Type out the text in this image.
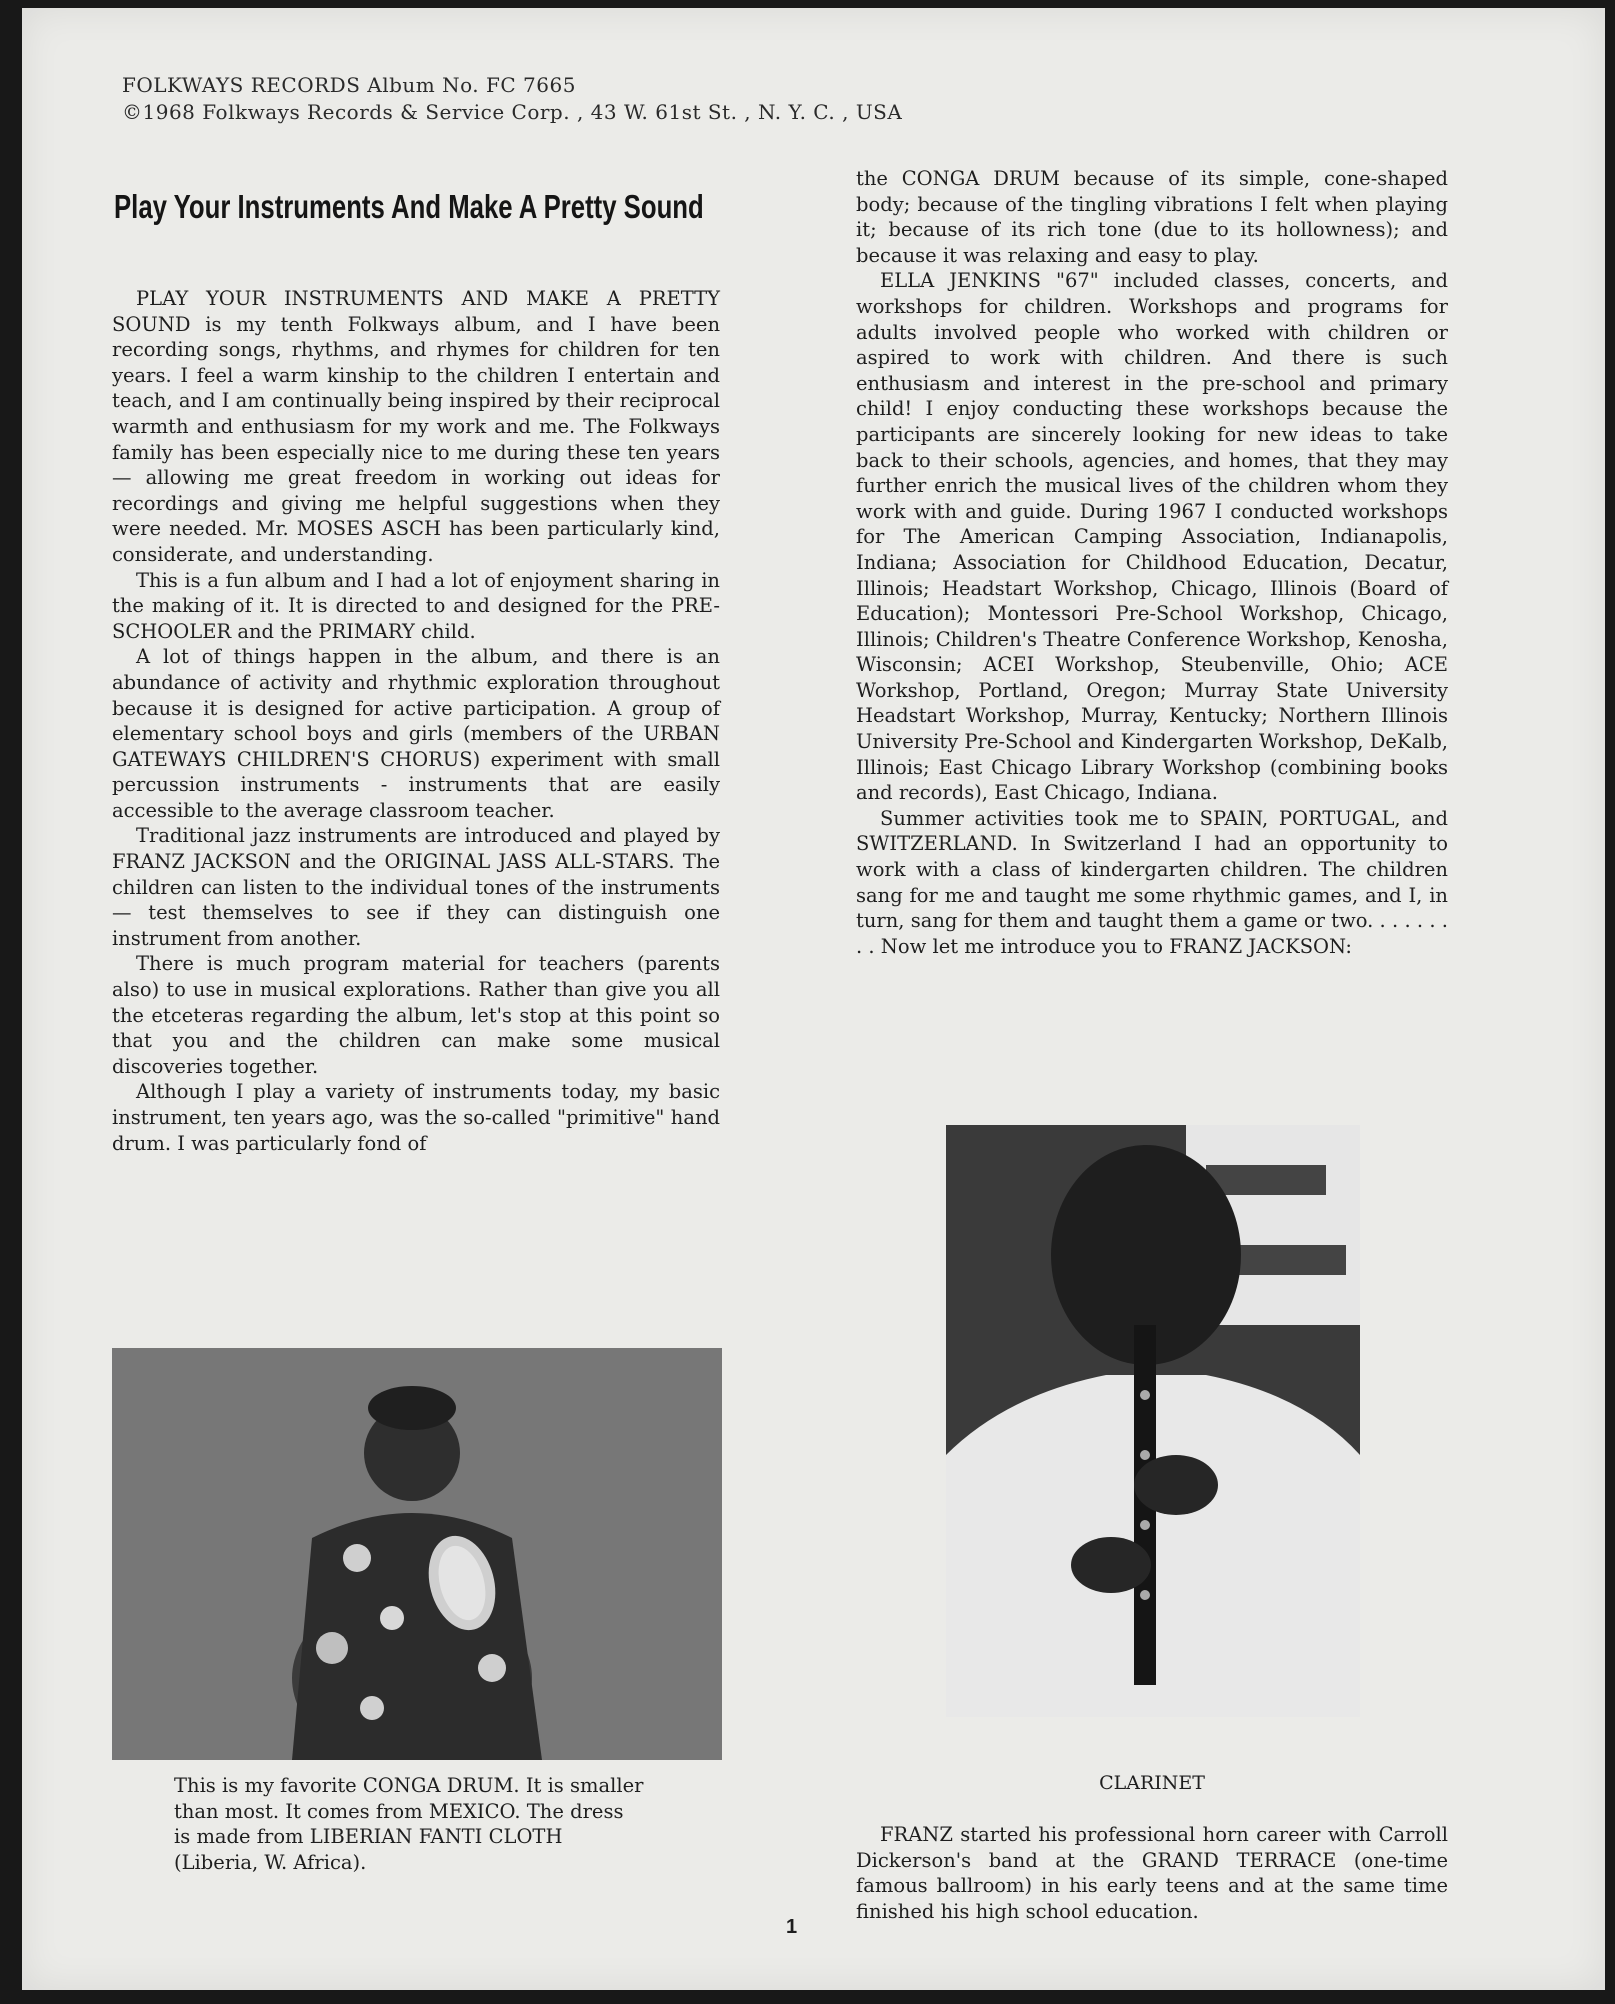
FOLKWAYS RECORDS Album No. FC 7665
©1968 Folkways Records & Service Corp. , 43 W. 61st St. , N. Y. C. , USA
Play Your Instruments And Make A Pretty Sound

PLAY YOUR INSTRUMENTS AND MAKE A PRETTY SOUND is my tenth Folkways album, and I have been recording songs, rhythms, and rhymes for children for ten years. I feel a warm kinship to the children I entertain and teach, and I am continually being inspired by their reciprocal warmth and enthusiasm for my work and me. The Folkways family has been especially nice to me during these ten years — allowing me great freedom in working out ideas for recordings and giving me helpful suggestions when they were needed. Mr. MOSES ASCH has been particularly kind, considerate, and understanding.

This is a fun album and I had a lot of enjoyment sharing in the making of it. It is directed to and designed for the PRE-SCHOOLER and the PRIMARY child.

A lot of things happen in the album, and there is an abundance of activity and rhythmic exploration throughout because it is designed for active participation. A group of elementary school boys and girls (members of the URBAN GATEWAYS CHILDREN'S CHORUS) experiment with small percussion instruments - instruments that are easily accessible to the average classroom teacher.

Traditional jazz instruments are introduced and played by FRANZ JACKSON and the ORIGINAL JASS ALL-STARS. The children can listen to the individual tones of the instruments — test themselves to see if they can distinguish one instrument from another.

There is much program material for teachers (parents also) to use in musical explorations. Rather than give you all the etceteras regarding the album, let's stop at this point so that you and the children can make some musical discoveries together.

Although I play a variety of instruments today, my basic instrument, ten years ago, was the so-called "primitive" hand drum. I was particularly fond of

This is my favorite CONGA DRUM. It is smaller than most. It comes from MEXICO. The dress is made from LIBERIAN FANTI CLOTH (Liberia, W. Africa).

the CONGA DRUM because of its simple, cone-shaped body; because of the tingling vibrations I felt when playing it; because of its rich tone (due to its hollowness); and because it was relaxing and easy to play.

ELLA JENKINS "67" included classes, concerts, and workshops for children. Workshops and programs for adults involved people who worked with children or aspired to work with children. And there is such enthusiasm and interest in the pre-school and primary child! I enjoy conducting these workshops because the participants are sincerely looking for new ideas to take back to their schools, agencies, and homes, that they may further enrich the musical lives of the children whom they work with and guide. During 1967 I conducted workshops for The American Camping Association, Indianapolis, Indiana; Association for Childhood Education, Decatur, Illinois; Headstart Workshop, Chicago, Illinois (Board of Education); Montessori Pre-School Workshop, Chicago, Illinois; Children's Theatre Conference Workshop, Kenosha, Wisconsin; ACEI Workshop, Steubenville, Ohio; ACE Workshop, Portland, Oregon; Murray State University Headstart Workshop, Murray, Kentucky; Northern Illinois University Pre-School and Kindergarten Workshop, DeKalb, Illinois; East Chicago Library Workshop (combining books and records), East Chicago, Indiana.

Summer activities took me to SPAIN, PORTUGAL, and SWITZERLAND. In Switzerland I had an opportunity to work with a class of kindergarten children. The children sang for me and taught me some rhythmic games, and I, in turn, sang for them and taught them a game or two. . . . . . . . . Now let me introduce you to FRANZ JACKSON:

CLARINET

FRANZ started his professional horn career with Carroll Dickerson's band at the GRAND TERRACE (one-time famous ballroom) in his early teens and at the same time finished his high school education.

1
